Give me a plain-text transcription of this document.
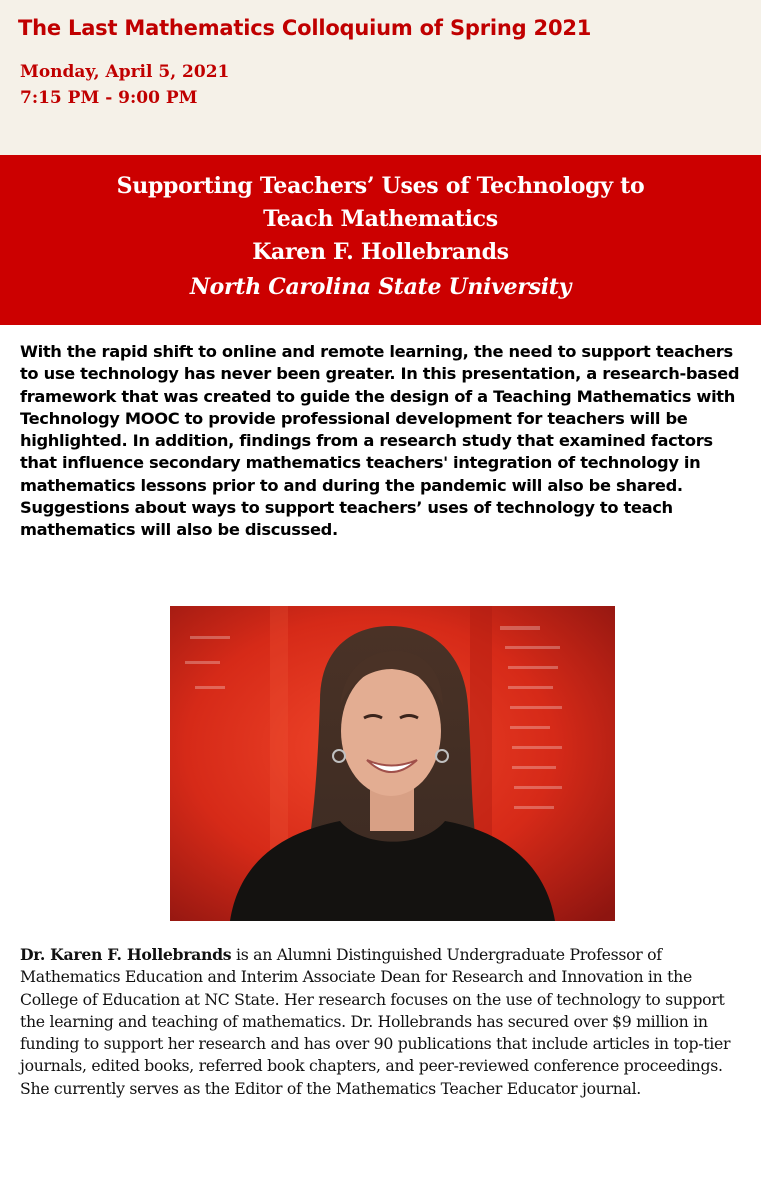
The Last Mathematics Colloquium of Spring 2021
Monday, April 5, 2021
7:15 PM - 9:00 PM
Supporting Teachers’ Uses of Technology to
Teach Mathematics
Karen F. Hollebrands
North Carolina State University
With the rapid shift to online and remote learning, the need to support teachers to use technology has never been greater. In this presentation, a research-based framework that was created to guide the design of a Teaching Mathematics with Technology MOOC to provide professional development for teachers will be highlighted. In addition, findings from a research study that examined factors that influence secondary mathematics teachers' integration of technology in mathematics lessons prior to and during the pandemic will also be shared. Suggestions about ways to support teachers’ uses of technology to teach mathematics will also be discussed.
Dr. Karen F. Hollebrands is an Alumni Distinguished Undergraduate Professor of Mathematics Education and Interim Associate Dean for Research and Innovation in the College of Education at NC State. Her research focuses on the use of technology to support the learning and teaching of mathematics. Dr. Hollebrands has secured over $9 million in funding to support her research and has over 90 publications that include articles in top-tier journals, edited books, referred book chapters, and peer-reviewed conference proceedings. She currently serves as the Editor of the Mathematics Teacher Educator journal.
